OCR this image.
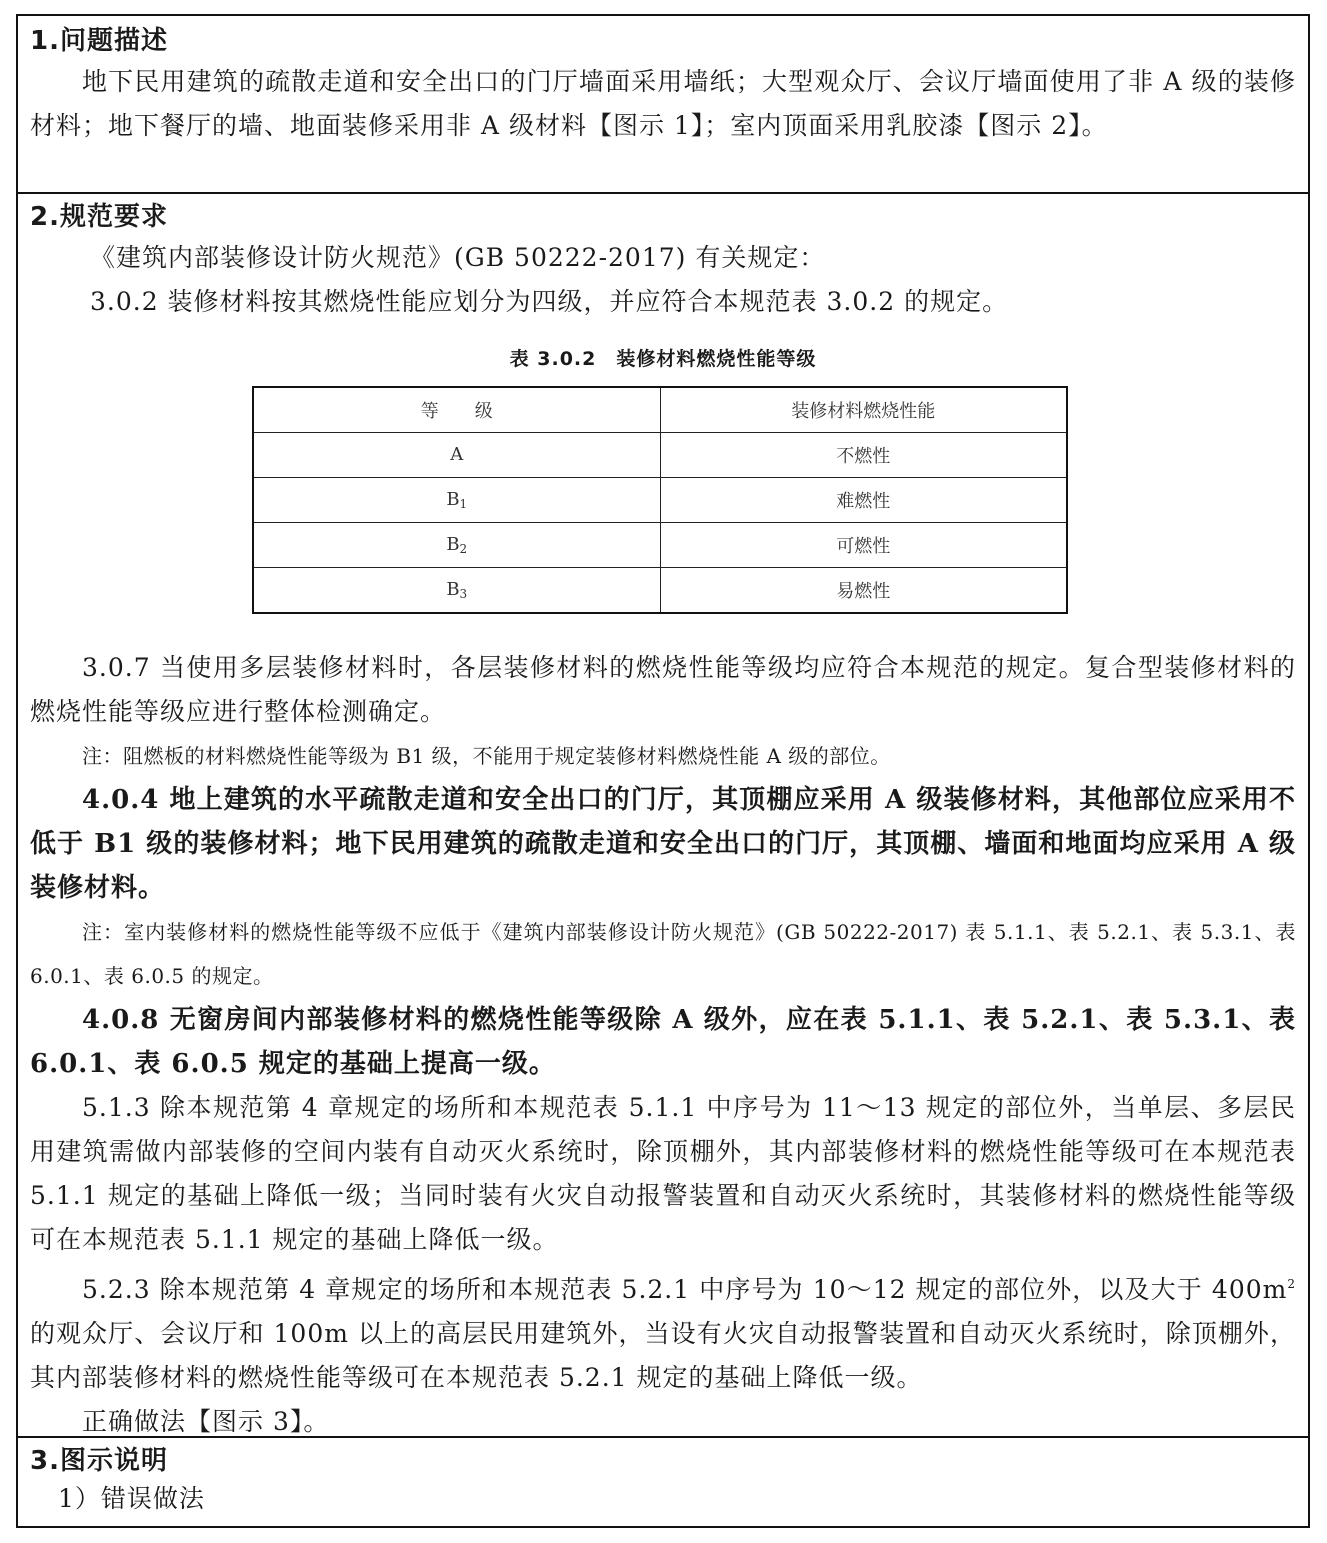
1.问题描述
地下民用建筑的疏散走道和安全出口的门厅墙面采用墙纸；大型观众厅、会议厅墙面使用了非 A 级的装修材料；地下餐厅的墙、地面装修采用非 A 级材料【图示 1】；室内顶面采用乳胶漆【图示 2】。
2.规范要求
《建筑内部装修设计防火规范》(GB 50222-2017) 有关规定：
3.0.2 装修材料按其燃烧性能应划分为四级，并应符合本规范表 3.0.2 的规定。
表 3.0.2　装修材料燃烧性能等级
等　　级	装修材料燃烧性能
A	不燃性
$B_1$	难燃性
$B_2$	可燃性
$B_3$	易燃性
3.0.7 当使用多层装修材料时，各层装修材料的燃烧性能等级均应符合本规范的规定。复合型装修材料的燃烧性能等级应进行整体检测确定。
注：阻燃板的材料燃烧性能等级为 B1 级，不能用于规定装修材料燃烧性能 A 级的部位。
4.0.4 地上建筑的水平疏散走道和安全出口的门厅，其顶棚应采用 A 级装修材料，其他部位应采用不低于 B1 级的装修材料；地下民用建筑的疏散走道和安全出口的门厅，其顶棚、墙面和地面均应采用 A 级装修材料。
注：室内装修材料的燃烧性能等级不应低于《建筑内部装修设计防火规范》(GB 50222-2017) 表 5.1.1、表 5.2.1、表 5.3.1、表 6.0.1、表 6.0.5 的规定。
4.0.8 无窗房间内部装修材料的燃烧性能等级除 A 级外，应在表 5.1.1、表 5.2.1、表 5.3.1、表 6.0.1、表 6.0.5 规定的基础上提高一级。
5.1.3 除本规范第 4 章规定的场所和本规范表 5.1.1 中序号为 11～13 规定的部位外，当单层、多层民用建筑需做内部装修的空间内装有自动灭火系统时，除顶棚外，其内部装修材料的燃烧性能等级可在本规范表 5.1.1 规定的基础上降低一级；当同时装有火灾自动报警装置和自动灭火系统时，其装修材料的燃烧性能等级可在本规范表 5.1.1 规定的基础上降低一级。
5.2.3 除本规范第 4 章规定的场所和本规范表 5.2.1 中序号为 10～12 规定的部位外，以及大于 $400m^2$的观众厅、会议厅和 100m 以上的高层民用建筑外，当设有火灾自动报警装置和自动灭火系统时，除顶棚外，其内部装修材料的燃烧性能等级可在本规范表 5.2.1 规定的基础上降低一级。
正确做法【图示 3】。
3.图示说明
1）错误做法
